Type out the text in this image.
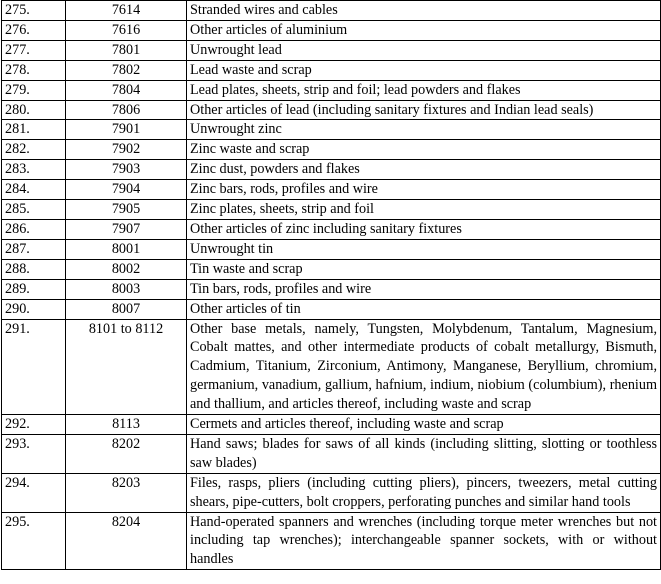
275.	7614	Stranded wires and cables
276.	7616	Other articles of aluminium
277.	7801	Unwrought lead
278.	7802	Lead waste and scrap
279.	7804	Lead plates, sheets, strip and foil; lead powders and flakes
280.	7806	Other articles of lead (including sanitary fixtures and Indian lead seals)
281.	7901	Unwrought zinc
282.	7902	Zinc waste and scrap
283.	7903	Zinc dust, powders and flakes
284.	7904	Zinc bars, rods, profiles and wire
285.	7905	Zinc plates, sheets, strip and foil
286.	7907	Other articles of zinc including sanitary fixtures
287.	8001	Unwrought tin
288.	8002	Tin waste and scrap
289.	8003	Tin bars, rods, profiles and wire
290.	8007	Other articles of tin
291.	8101 to 8112	Other base metals, namely, Tungsten, Molybdenum, Tantalum, Magnesium, Cobalt mattes, and other intermediate products of cobalt metallurgy, Bismuth, Cadmium, Titanium, Zirconium, Antimony, Manganese, Beryllium, chromium, germanium, vanadium, gallium, hafnium, indium, niobium (columbium), rhenium and thallium, and articles thereof, including waste and scrap
292.	8113	Cermets and articles thereof, including waste and scrap
293.	8202	Hand saws; blades for saws of all kinds (including slitting, slotting or toothless saw blades)
294.	8203	Files, rasps, pliers (including cutting pliers), pincers, tweezers, metal cutting shears, pipe-cutters, bolt croppers, perforating punches and similar hand tools
295.	8204	Hand-operated spanners and wrenches (including torque meter wrenches but not including tap wrenches); interchangeable spanner sockets, with or without handles
